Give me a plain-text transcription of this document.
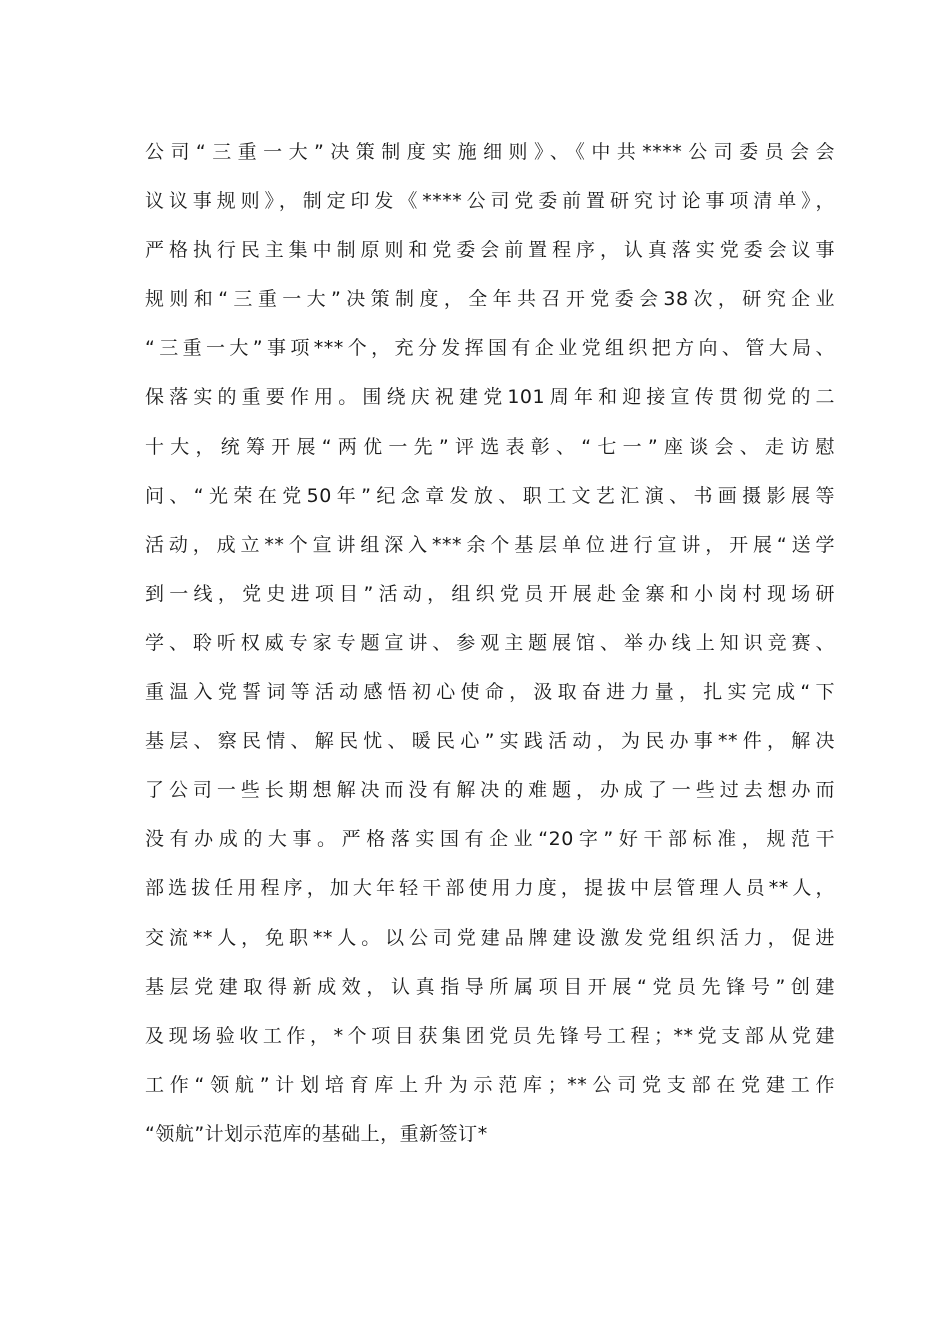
公司“三重一大”决策制度实施细则》、《中共****公司委员会会
议议事规则》，制定印发《****公司党委前置研究讨论事项清单》，
严格执行民主集中制原则和党委会前置程序，认真落实党委会议事
规则和“三重一大”决策制度，全年共召开党委会38次，研究企业
“三重一大”事项***个，充分发挥国有企业党组织把方向、管大局、
保落实的重要作用。围绕庆祝建党101周年和迎接宣传贯彻党的二
十大，统筹开展“两优一先”评选表彰、“七一”座谈会、走访慰
问、“光荣在党50年”纪念章发放、职工文艺汇演、书画摄影展等
活动，成立**个宣讲组深入***余个基层单位进行宣讲，开展“送学
到一线，党史进项目”活动，组织党员开展赴金寨和小岗村现场研
学、聆听权威专家专题宣讲、参观主题展馆、举办线上知识竞赛、
重温入党誓词等活动感悟初心使命，汲取奋进力量，扎实完成“下
基层、察民情、解民忧、暖民心”实践活动，为民办事**件，解决
了公司一些长期想解决而没有解决的难题，办成了一些过去想办而
没有办成的大事。严格落实国有企业“20字”好干部标准，规范干
部选拔任用程序，加大年轻干部使用力度，提拔中层管理人员**人，
交流**人，免职**人。以公司党建品牌建设激发党组织活力，促进
基层党建取得新成效，认真指导所属项目开展“党员先锋号”创建
及现场验收工作，*个项目获集团党员先锋号工程；**党支部从党建
工作“领航”计划培育库上升为示范库；**公司党支部在党建工作
“领航”计划示范库的基础上，重新签订*
